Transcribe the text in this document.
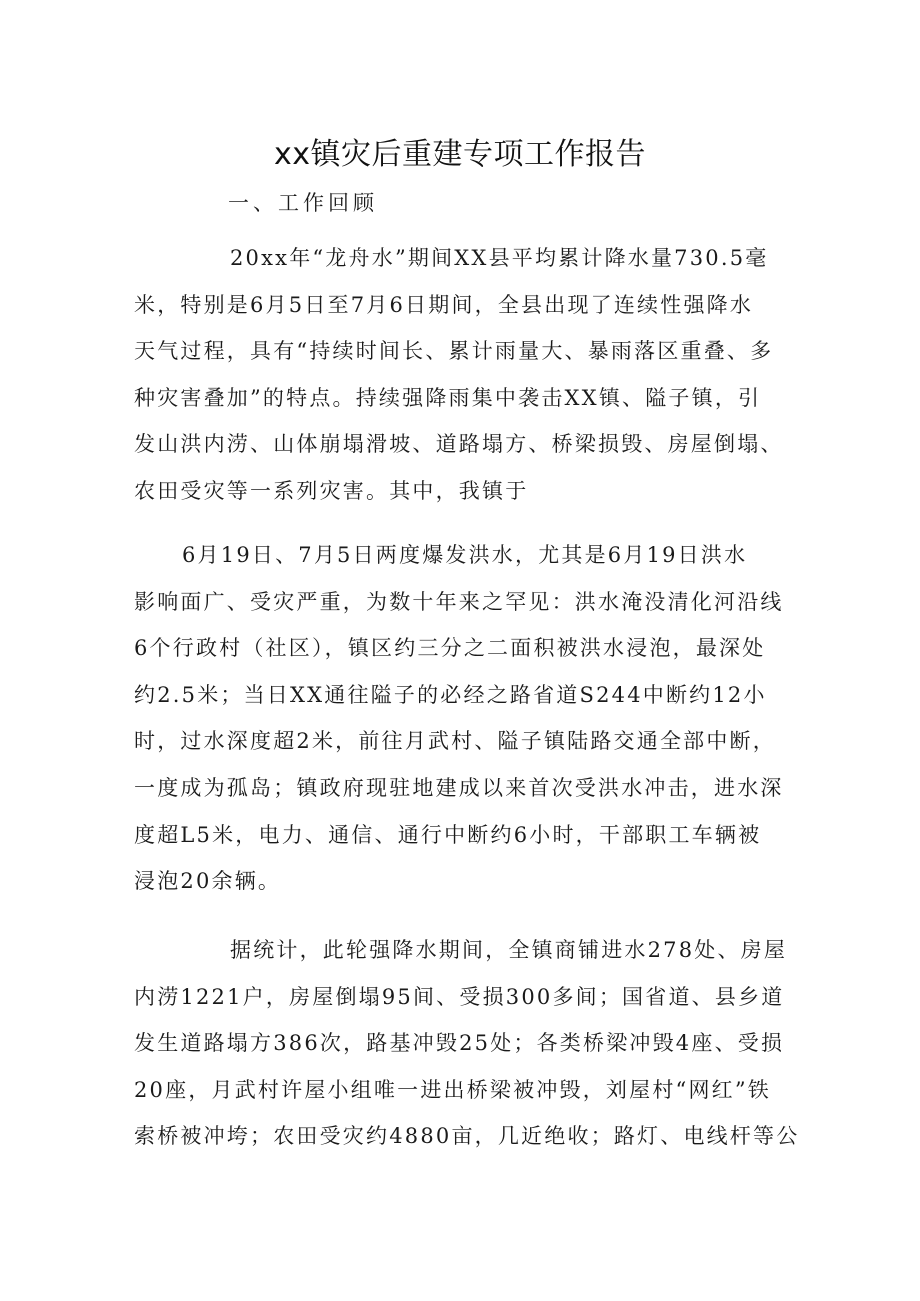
xx镇灾后重建专项工作报告
一、工作回顾
20xx年“龙舟水”期间XX县平均累计降水量730.5毫
米，特别是6月5日至7月6日期间，全县出现了连续性强降水
天气过程，具有“持续时间长、累计雨量大、暴雨落区重叠、多
种灾害叠加”的特点。持续强降雨集中袭击XX镇、隘子镇，引
发山洪内涝、山体崩塌滑坡、道路塌方、桥梁损毁、房屋倒塌、
农田受灾等一系列灾害。其中，我镇于
6月19日、7月5日两度爆发洪水，尤其是6月19日洪水
影响面广、受灾严重，为数十年来之罕见：洪水淹没清化河沿线
6个行政村（社区），镇区约三分之二面积被洪水浸泡，最深处
约2.5米；当日XX通往隘子的必经之路省道S244中断约12小
时，过水深度超2米，前往月武村、隘子镇陆路交通全部中断，
一度成为孤岛；镇政府现驻地建成以来首次受洪水冲击，进水深
度超L5米，电力、通信、通行中断约6小时，干部职工车辆被
浸泡20余辆。
据统计，此轮强降水期间，全镇商铺进水278处、房屋
内涝1221户，房屋倒塌95间、受损300多间；国省道、县乡道
发生道路塌方386次，路基冲毁25处；各类桥梁冲毁4座、受损
20座，月武村许屋小组唯一进出桥梁被冲毁，刘屋村“网红”铁
索桥被冲垮；农田受灾约4880亩，几近绝收；路灯、电线杆等公
